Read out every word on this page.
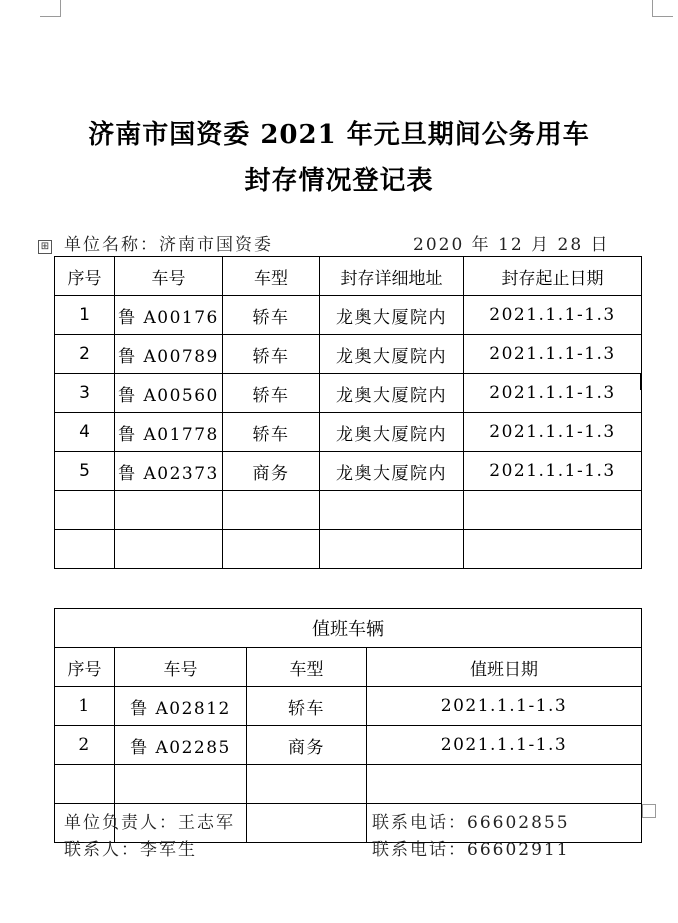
济南市国资委 2021 年元旦期间公务用车
封存情况登记表
⊞ 单位名称：济南市国资委	2020 年 12 月 28 日
序号	车号	车型	封存详细地址	封存起止日期
1	鲁 A00176	轿车	龙奥大厦院内	2021.1.1-1.3
2	鲁 A00789	轿车	龙奥大厦院内	2021.1.1-1.3
3	鲁 A00560	轿车	龙奥大厦院内	2021.1.1-1.3
4	鲁 A01778	轿车	龙奥大厦院内	2021.1.1-1.3
5	鲁 A02373	商务	龙奥大厦院内	2021.1.1-1.3

值班车辆			
序号	车号	车型	值班日期
1	鲁 A02812	轿车	2021.1.1-1.3
2	鲁 A02285	商务	2021.1.1-1.3

单位负责人：王志军	联系电话：66602855
联系人：李军生	联系电话：66602911
